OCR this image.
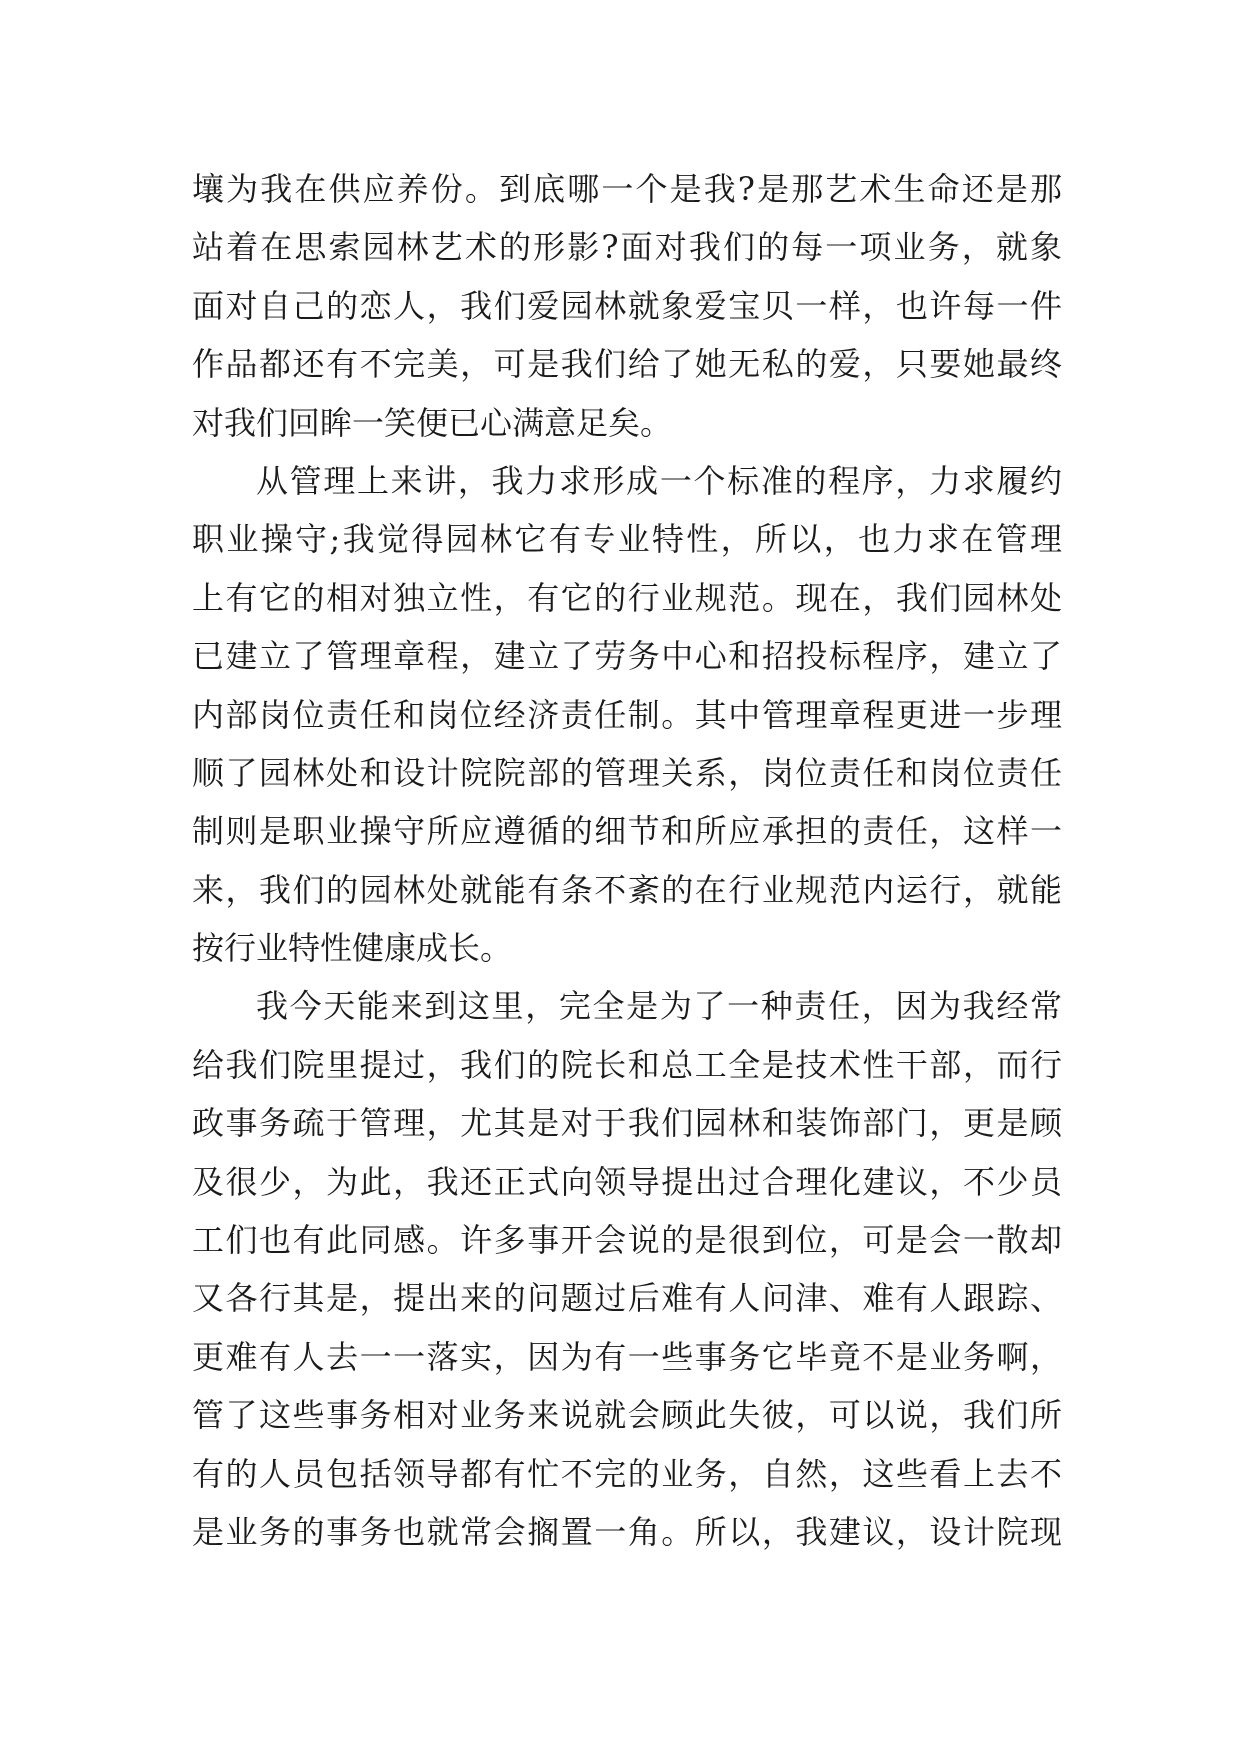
壤为我在供应养份。到底哪一个是我?是那艺术生命还是那
站着在思索园林艺术的形影?面对我们的每一项业务，就象
面对自己的恋人，我们爱园林就象爱宝贝一样，也许每一件
作品都还有不完美，可是我们给了她无私的爱，只要她最终
对我们回眸一笑便已心满意足矣。
从管理上来讲，我力求形成一个标准的程序，力求履约
职业操守;我觉得园林它有专业特性，所以，也力求在管理
上有它的相对独立性，有它的行业规范。现在，我们园林处
已建立了管理章程，建立了劳务中心和招投标程序，建立了
内部岗位责任和岗位经济责任制。其中管理章程更进一步理
顺了园林处和设计院院部的管理关系，岗位责任和岗位责任
制则是职业操守所应遵循的细节和所应承担的责任，这样一
来，我们的园林处就能有条不紊的在行业规范内运行，就能
按行业特性健康成长。
我今天能来到这里，完全是为了一种责任，因为我经常
给我们院里提过，我们的院长和总工全是技术性干部，而行
政事务疏于管理，尤其是对于我们园林和装饰部门，更是顾
及很少，为此，我还正式向领导提出过合理化建议，不少员
工们也有此同感。许多事开会说的是很到位，可是会一散却
又各行其是，提出来的问题过后难有人问津、难有人跟踪、
更难有人去一一落实，因为有一些事务它毕竟不是业务啊，
管了这些事务相对业务来说就会顾此失彼，可以说，我们所
有的人员包括领导都有忙不完的业务，自然，这些看上去不
是业务的事务也就常会搁置一角。所以，我建议，设计院现
